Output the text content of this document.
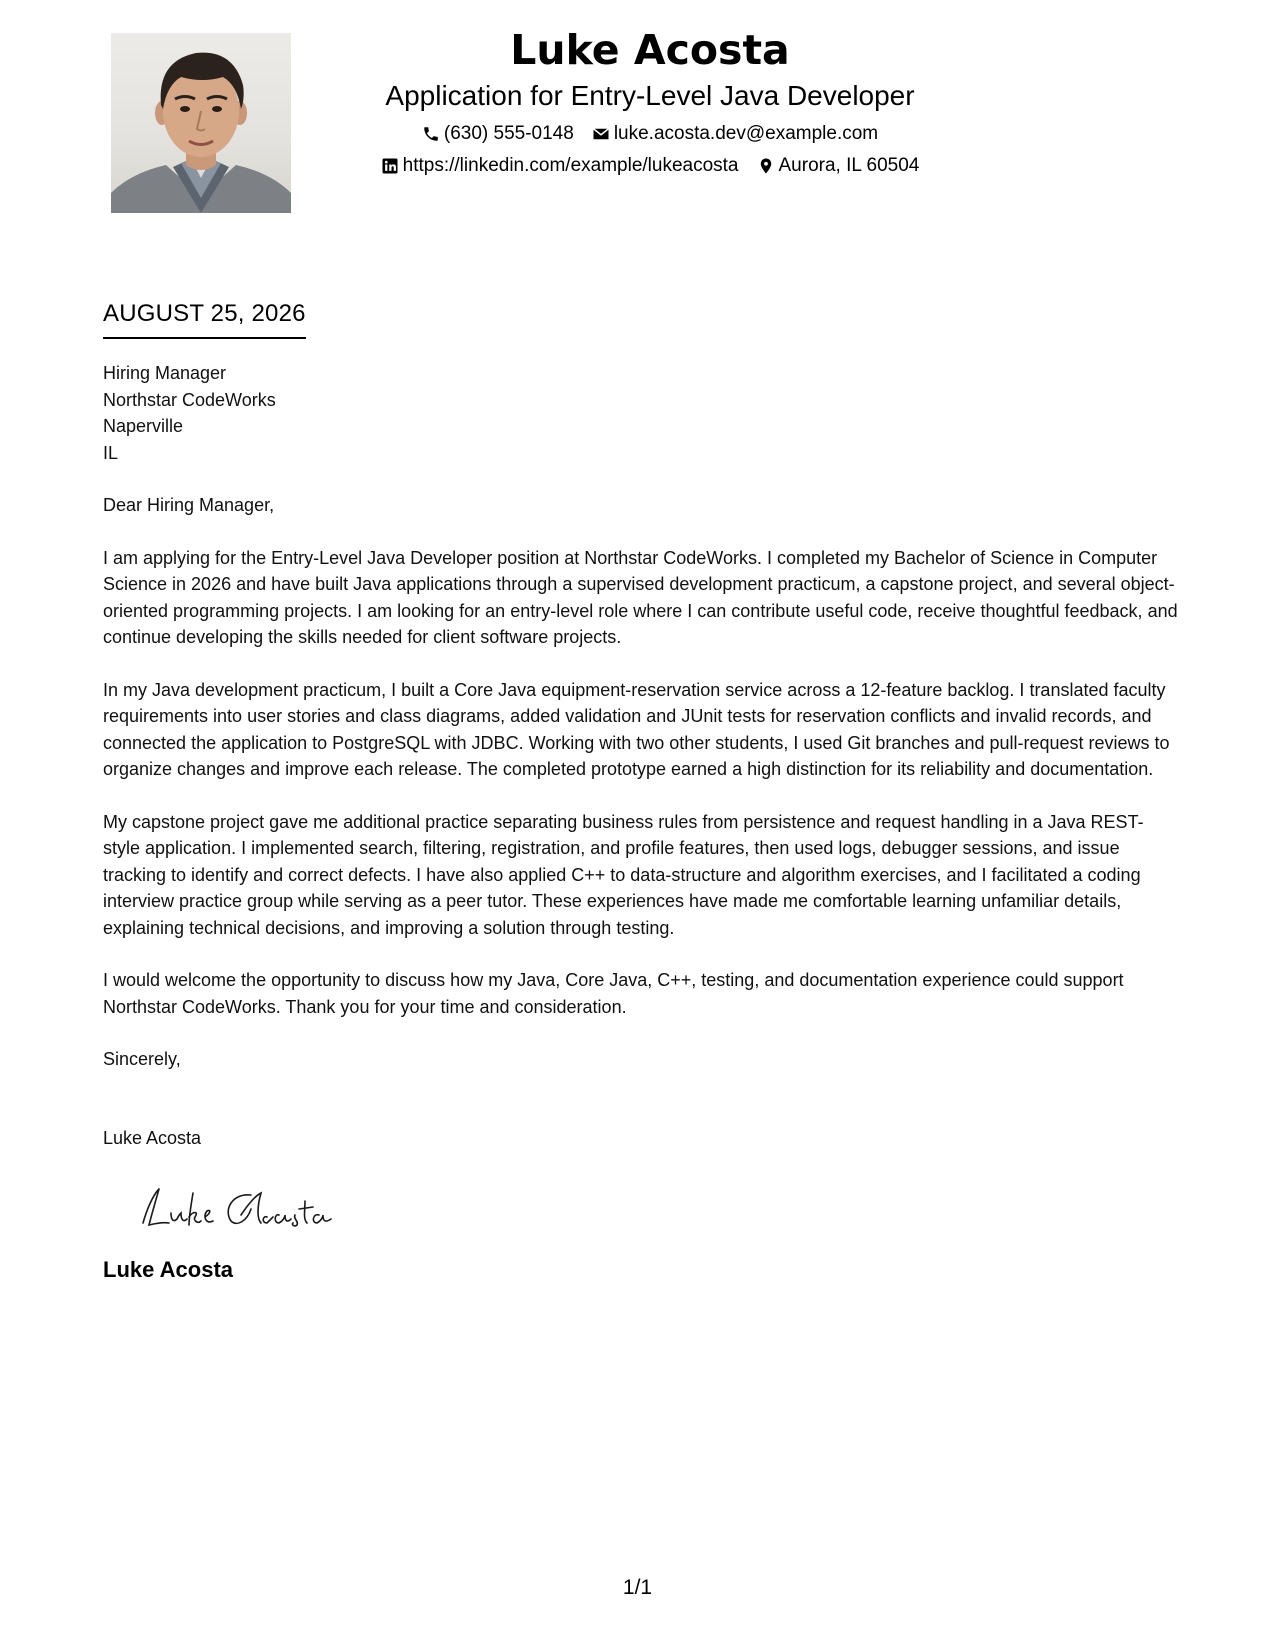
Luke Acosta
Application for Entry-Level Java Developer
(630) 555-0148 luke.acosta.dev@example.com
https://linkedin.com/example/lukeacosta Aurora, IL 60504
AUGUST 25, 2026
Hiring Manager
Northstar CodeWorks
Naperville
IL

Dear Hiring Manager,

I am applying for the Entry-Level Java Developer position at Northstar CodeWorks. I completed my Bachelor of Science in Computer Science in 2026 and have built Java applications through a supervised development practicum, a capstone project, and several object-oriented programming projects. I am looking for an entry-level role where I can contribute useful code, receive thoughtful feedback, and continue developing the skills needed for client software projects.

In my Java development practicum, I built a Core Java equipment-reservation service across a 12-feature backlog. I translated faculty requirements into user stories and class diagrams, added validation and JUnit tests for reservation conflicts and invalid records, and connected the application to PostgreSQL with JDBC. Working with two other students, I used Git branches and pull-request reviews to organize changes and improve each release. The completed prototype earned a high distinction for its reliability and documentation.

My capstone project gave me additional practice separating business rules from persistence and request handling in a Java REST-style application. I implemented search, filtering, registration, and profile features, then used logs, debugger sessions, and issue tracking to identify and correct defects. I have also applied C++ to data-structure and algorithm exercises, and I facilitated a coding interview practice group while serving as a peer tutor. These experiences have made me comfortable learning unfamiliar details, explaining technical decisions, and improving a solution through testing.

I would welcome the opportunity to discuss how my Java, Core Java, C++, testing, and documentation experience could support Northstar CodeWorks. Thank you for your time and consideration.

Sincerely,
Luke Acosta
Luke Acosta
1/1
